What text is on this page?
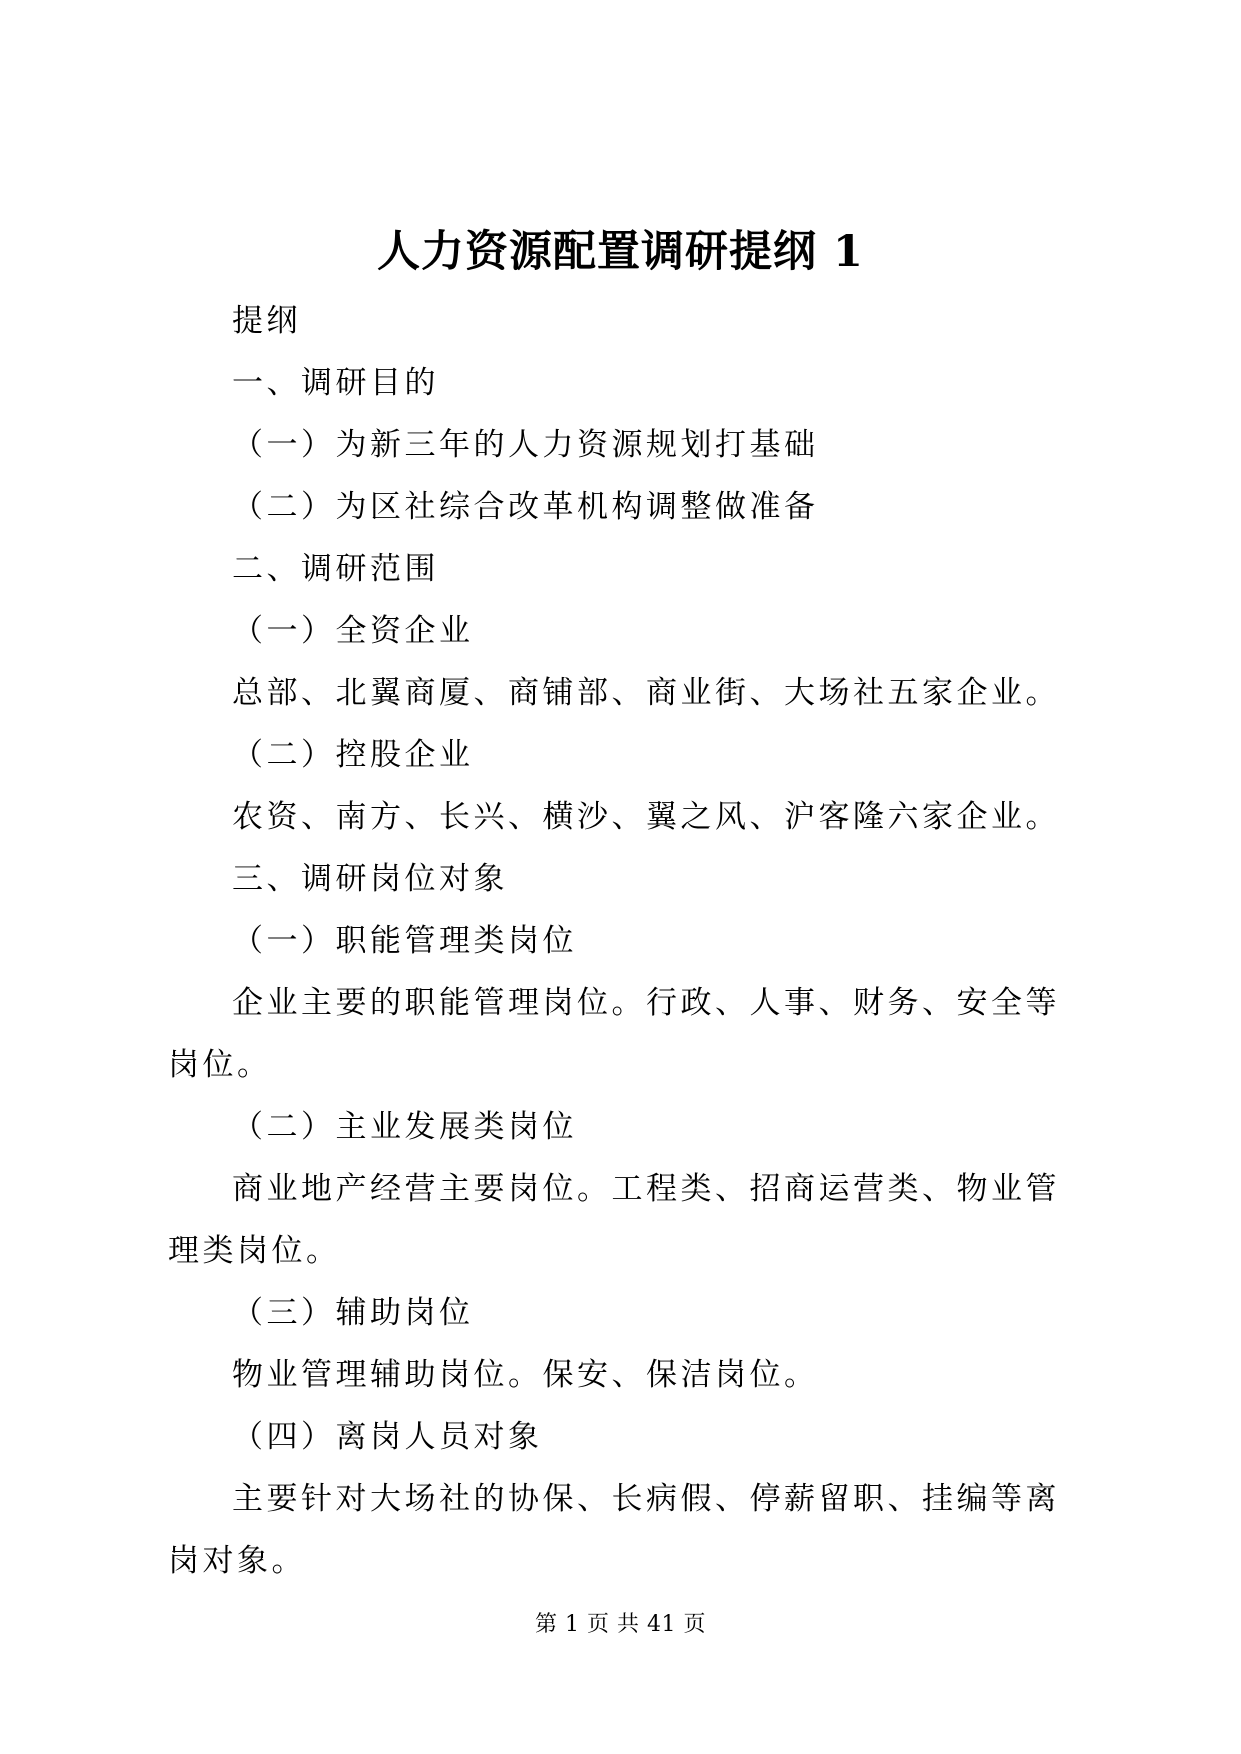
人力资源配置调研提纲 1

提纲

一、调研目的

（一）为新三年的人力资源规划打基础

（二）为区社综合改革机构调整做准备

二、调研范围

（一）全资企业

总部、北翼商厦、商铺部、商业街、大场社五家企业。

（二）控股企业

农资、南方、长兴、横沙、翼之风、沪客隆六家企业。

三、调研岗位对象

（一）职能管理类岗位

企业主要的职能管理岗位。行政、人事、财务、安全等岗位。

（二）主业发展类岗位

商业地产经营主要岗位。工程类、招商运营类、物业管理类岗位。

（三）辅助岗位

物业管理辅助岗位。保安、保洁岗位。

（四）离岗人员对象

主要针对大场社的协保、长病假、停薪留职、挂编等离岗对象。

第 1 页 共 41 页
